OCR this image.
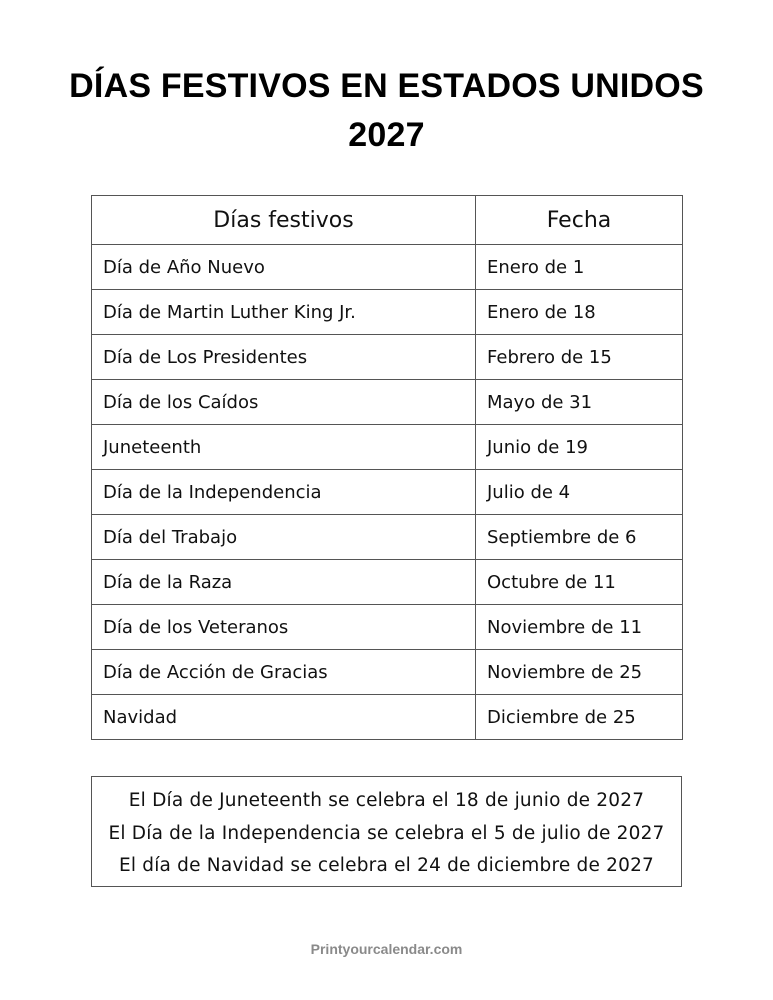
DÍAS FESTIVOS EN ESTADOS UNIDOS
2027
Días festivos	Fecha
Día de Año Nuevo	Enero de 1
Día de Martin Luther King Jr.	Enero de 18
Día de Los Presidentes	Febrero de 15
Día de los Caídos	Mayo de 31
Juneteenth	Junio de 19
Día de la Independencia	Julio de 4
Día del Trabajo	Septiembre de 6
Día de la Raza	Octubre de 11
Día de los Veteranos	Noviembre de 11
Día de Acción de Gracias	Noviembre de 25
Navidad	Diciembre de 25
El Día de Juneteenth se celebra el 18 de junio de 2027
El Día de la Independencia se celebra el 5 de julio de 2027
El día de Navidad se celebra el 24 de diciembre de 2027
Printyourcalendar.com
